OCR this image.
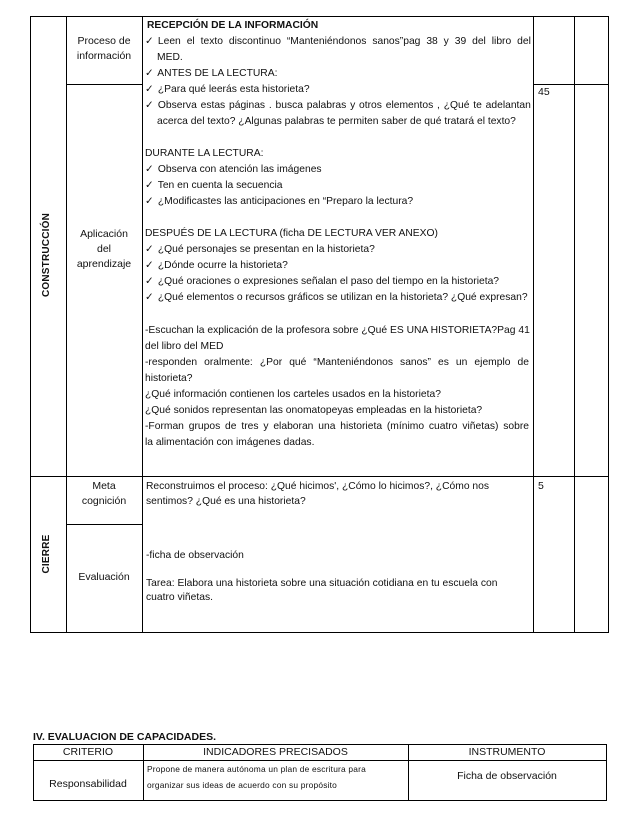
CONSTRUCCIÓN
Proceso de
información
Aplicación
del
aprendizaje
45
RECEPCIÓN DE LA INFORMACIÓN
✓ Leen el texto discontinuo “Manteniéndonos sanos”pag 38 y 39 del libro del
MED.
✓ ANTES DE LA LECTURA:
✓ ¿Para qué leerás esta historieta?
✓ Observa estas páginas . busca palabras y otros elementos , ¿Qué te adelantan
acerca del texto? ¿Algunas palabras te permiten saber de qué tratará el texto?
DURANTE LA LECTURA:
✓ Observa con atención las imágenes
✓ Ten en cuenta la secuencia
✓ ¿Modificastes las anticipaciones en “Preparo la lectura?
DESPUÉS DE LA LECTURA (ficha DE LECTURA VER ANEXO)
✓ ¿Qué personajes se presentan en la historieta?
✓ ¿Dónde ocurre la historieta?
✓ ¿Qué oraciones o expresiones señalan el paso del tiempo en la historieta?
✓ ¿Qué elementos o recursos gráficos se utilizan en la historieta? ¿Qué expresan?
-Escuchan la explicación de la profesora sobre ¿Qué ES UNA HISTORIETA?Pag 41
del libro del MED
-responden oralmente: ¿Por qué “Manteniéndonos sanos” es un ejemplo de
historieta?
¿Qué información contienen los carteles usados en la historieta?
¿Qué sonidos representan las onomatopeyas empleadas en la historieta?
-Forman grupos de tres y elaboran una historieta (mínimo cuatro viñetas) sobre
la alimentación con imágenes dadas.
CIERRE
Meta
cognición
Evaluación
5
Reconstruimos el proceso: ¿Qué hicimos', ¿Cómo lo hicimos?, ¿Cómo nos
sentimos? ¿Qué es una historieta?
-ficha de observación
Tarea: Elabora una historieta sobre una situación cotidiana en tu escuela con
cuatro viñetas.
IV. EVALUACION DE CAPACIDADES.
CRITERIO	INDICADORES PRECISADOS	INSTRUMENTO
Responsabilidad
Propone de manera autónoma un plan de escritura para
organizar sus ideas de acuerdo con su propósito
Ficha de observación
